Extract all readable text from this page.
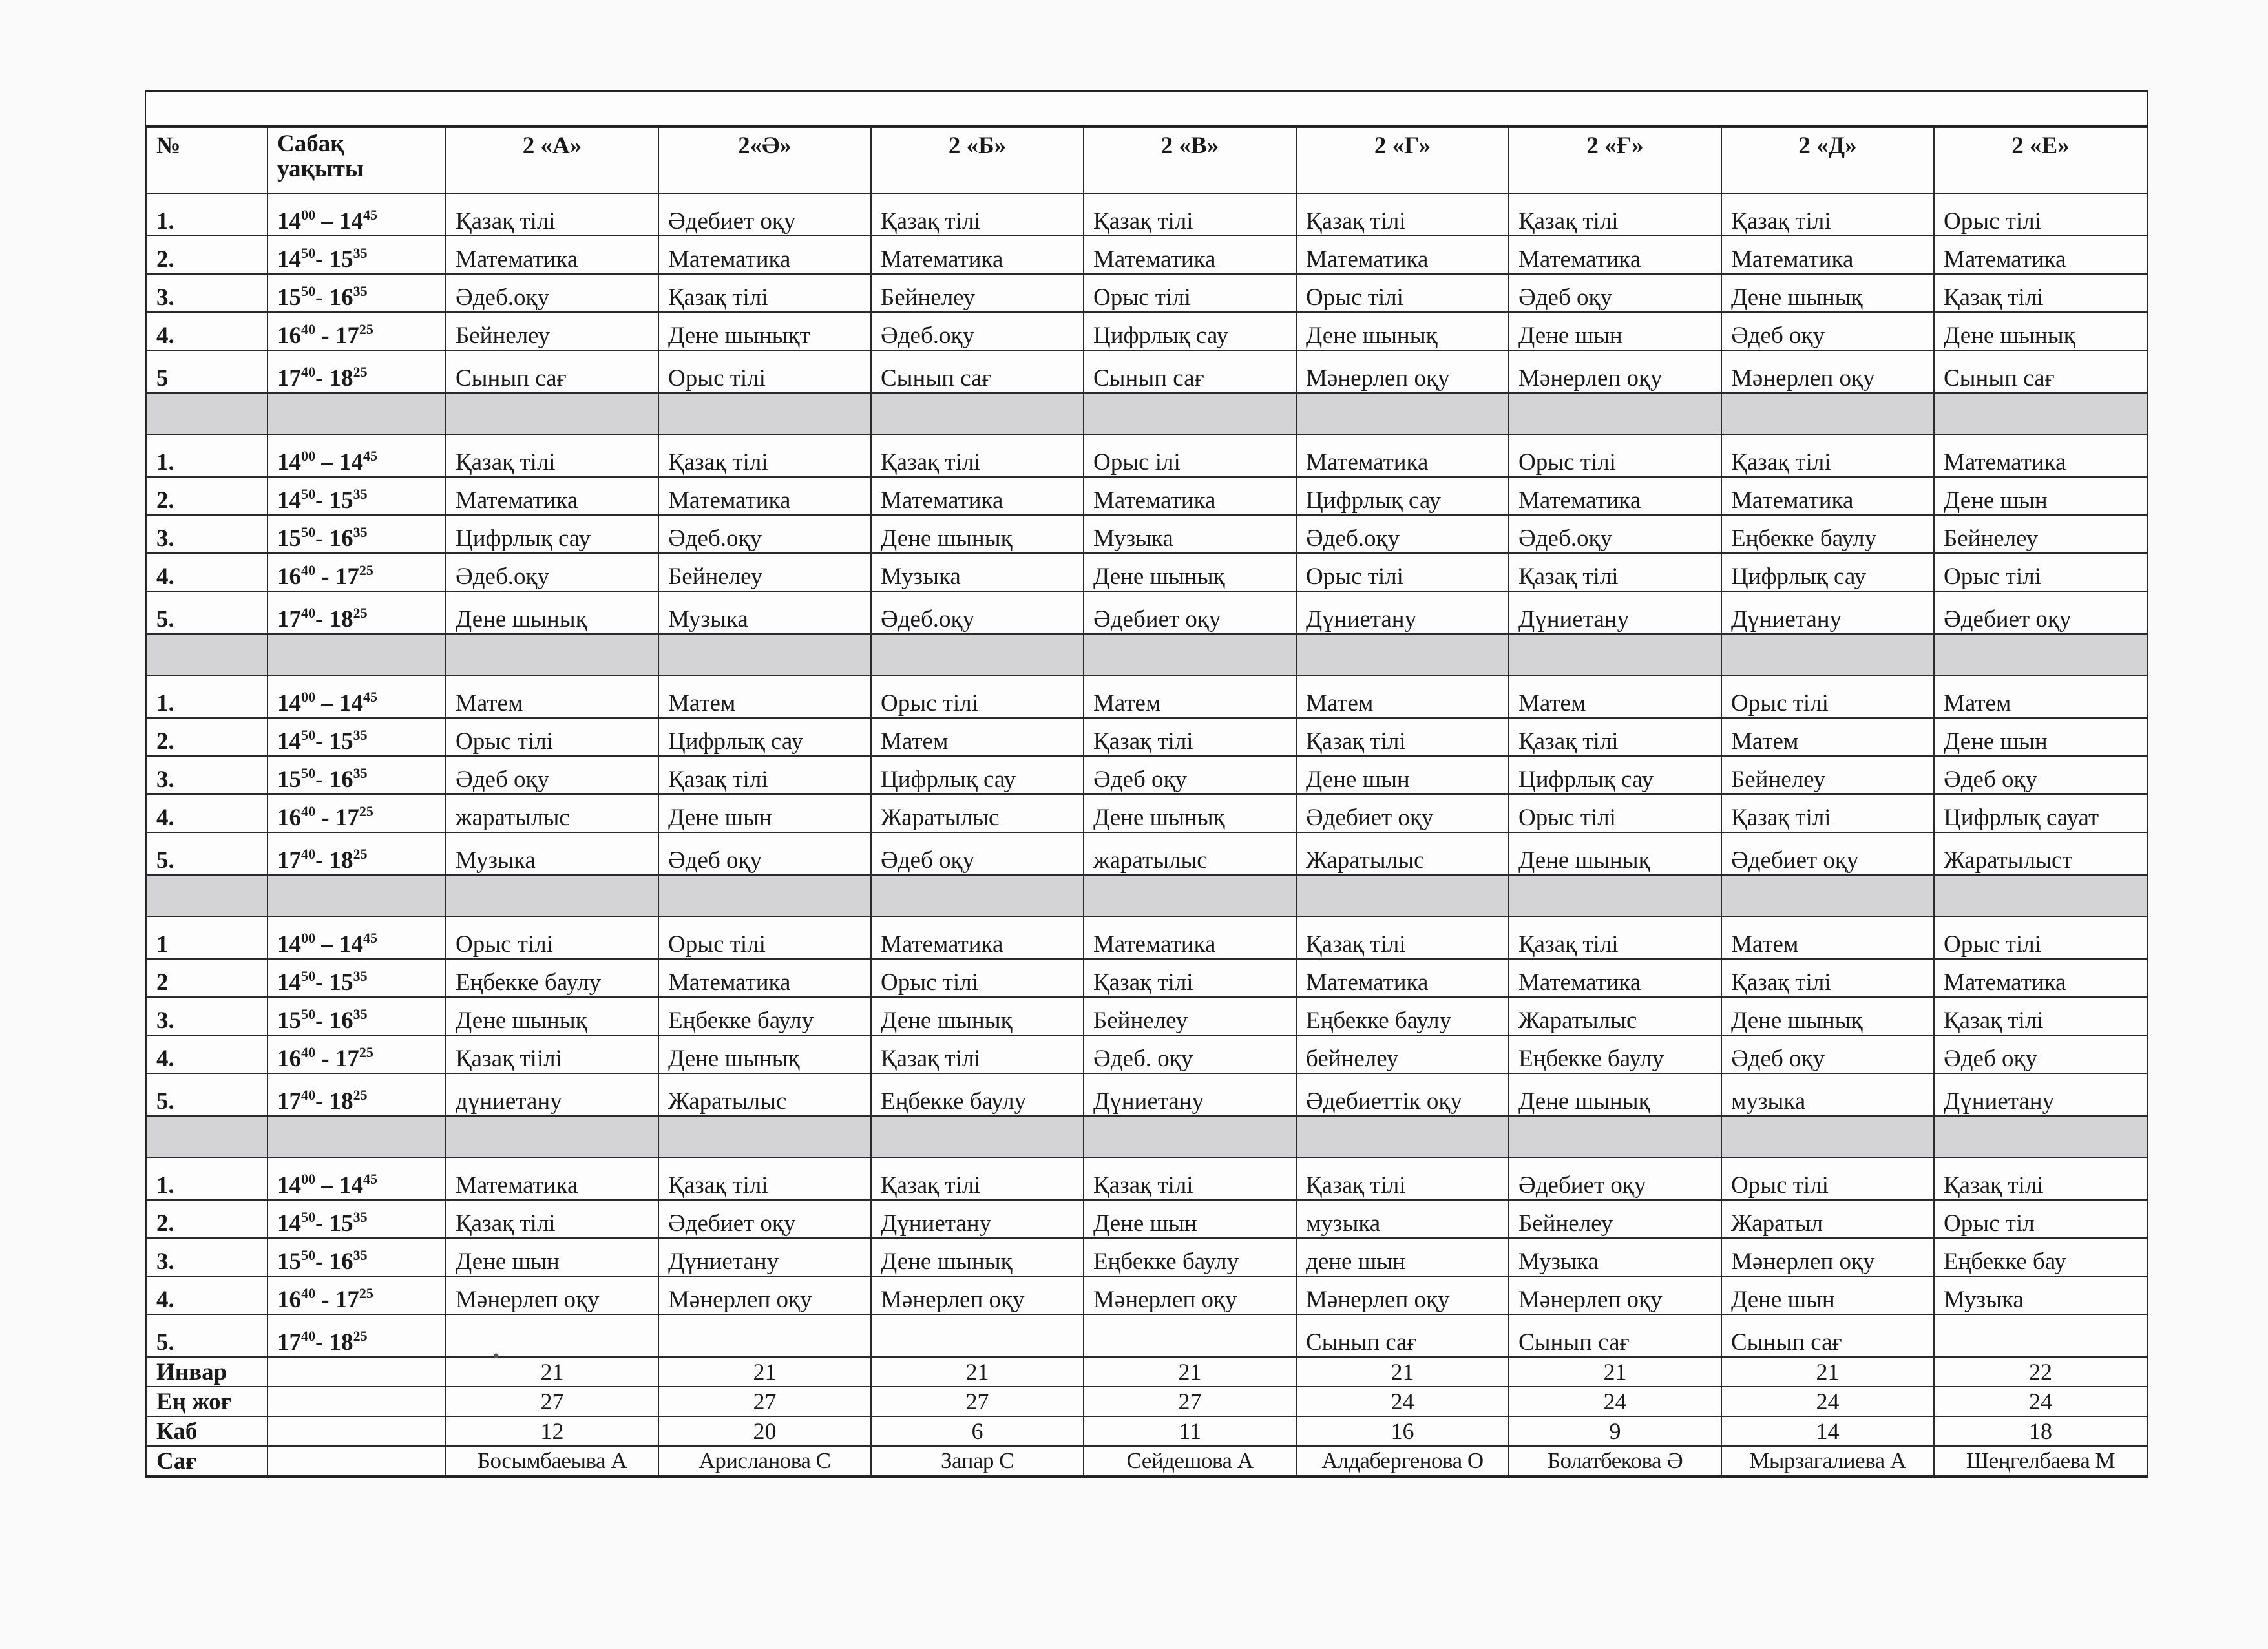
№	Сабақ уақыты	2 «А»	2«Ә»	2 «Б»	2 «В»	2 «Г»	2 «Ғ»	2 «Д»	2 «Е»
1.	$14^{00} - 14^{45}$	Қазақ тілі	Әдебиет оқу	Қазақ тілі	Қазақ тілі	Қазақ тілі	Қазақ тілі	Қазақ тілі	Орыс тілі
2.	$14^{50}-$ $15^{35}$	Математика	Математика	Математика	Математика	Математика	Математика	Математика	Математика
3.	$15^{50}-$ $16^{35}$	Әдеб.оқу	Қазақ тілі	Бейнелеу	Орыс тілі	Орыс тілі	Әдеб оқу	Дене шынық	Қазақ тілі
4.	$16^{40} - 17^{25}$	Бейнелеу	Дене шынықт	Әдеб.оқу	Цифрлық сау	Дене шынық	Дене шын	Әдеб оқу	Дене шынық
5	$17^{40}-$ $18^{25}$	Сынып сағ	Орыс тілі	Сынып сағ	Сынып сағ	Мәнерлеп оқу	Мәнерлеп оқу	Мәнерлеп оқу	Сынып сағ

1.	$14^{00} - 14^{45}$	Қазақ тілі	Қазақ тілі	Қазақ тілі	Орыс ілі	Математика	Орыс тілі	Қазақ тілі	Математика
2.	$14^{50}-$ $15^{35}$	Математика	Математика	Математика	Математика	Цифрлық сау	Математика	Математика	Дене шын
3.	$15^{50}-$ $16^{35}$	Цифрлық сау	Әдеб.оқу	Дене шынық	Музыка	Әдеб.оқу	Әдеб.оқу	Еңбекке баулу	Бейнелеу
4.	$16^{40} - 17^{25}$	Әдеб.оқу	Бейнелеу	Музыка	Дене шынық	Орыс тілі	Қазақ тілі	Цифрлық сау	Орыс тілі
5.	$17^{40}-$ $18^{25}$	Дене шынық	Музыка	Әдеб.оқу	Әдебиет оқу	Дүниетану	Дүниетану	Дүниетану	Әдебиет оқу

1.	$14^{00} - 14^{45}$	Матем	Матем	Орыс тілі	Матем	Матем	Матем	Орыс тілі	Матем
2.	$14^{50}-$ $15^{35}$	Орыс тілі	Цифрлық сау	Матем	Қазақ тілі	Қазақ тілі	Қазақ тілі	Матем	Дене шын
3.	$15^{50}-$ $16^{35}$	Әдеб оқу	Қазақ тілі	Цифрлық сау	Әдеб оқу	Дене шын	Цифрлық сау	Бейнелеу	Әдеб оқу
4.	$16^{40} - 17^{25}$	жаратылыс	Дене шын	Жаратылыс	Дене шынық	Әдебиет оқу	Орыс тілі	Қазақ тілі	Цифрлық сауат
5.	$17^{40}-$ $18^{25}$	Музыка	Әдеб оқу	Әдеб оқу	жаратылыс	Жаратылыс	Дене шынық	Әдебиет оқу	Жаратылыст

1	$14^{00} - 14^{45}$	Орыс тілі	Орыс тілі	Математика	Математика	Қазақ тілі	Қазақ тілі	Матем	Орыс тілі
2	$14^{50}-$ $15^{35}$	Еңбекке баулу	Математика	Орыс тілі	Қазақ тілі	Математика	Математика	Қазақ тілі	Математика
3.	$15^{50}-$ $16^{35}$	Дене шынық	Еңбекке баулу	Дене шынық	Бейнелеу	Еңбекке баулу	Жаратылыс	Дене шынық	Қазақ тілі
4.	$16^{40} - 17^{25}$	Қазақ тіілі	Дене шынық	Қазақ тілі	Әдеб. оқу	бейнелеу	Еңбекке баулу	Әдеб оқу	Әдеб оқу
5.	$17^{40}-$ $18^{25}$	дүниетану	Жаратылыс	Еңбекке баулу	Дүниетану	Әдебиеттік оқу	Дене шынық	музыка	Дүниетану

1.	$14^{00} - 14^{45}$	Математика	Қазақ тілі	Қазақ тілі	Қазақ тілі	Қазақ тілі	Әдебиет оқу	Орыс тілі	Қазақ тілі
2.	$14^{50}-$ $15^{35}$	Қазақ тілі	Әдебиет оқу	Дүниетану	Дене шын	музыка	Бейнелеу	Жаратыл	Орыс тіл
3.	$15^{50}-$ $16^{35}$	Дене шын	Дүниетану	Дене шынық	Еңбекке баулу	дене шын	Музыка	Мәнерлеп оқу	Еңбекке бау
4.	$16^{40} - 17^{25}$	Мәнерлеп оқу	Мәнерлеп оқу	Мәнерлеп оқу	Мәнерлеп оқу	Мәнерлеп оқу	Мәнерлеп оқу	Дене шын	Музыка
5.	$17^{40}-$ $18^{25}$					Сынып сағ	Сынып сағ	Сынып сағ	
Инвар		21	21	21	21	21	21	21	22
Ең жоғ		27	27	27	27	24	24	24	24
Каб		12	20	6	11	16	9	14	18
Сағ		Босымбаеыва А	Арисланова С	Запар С	Сейдешова А	Алдабергенова О	Болатбекова Ә	Мырзагалиева А	Шеңгелбаева М
•
